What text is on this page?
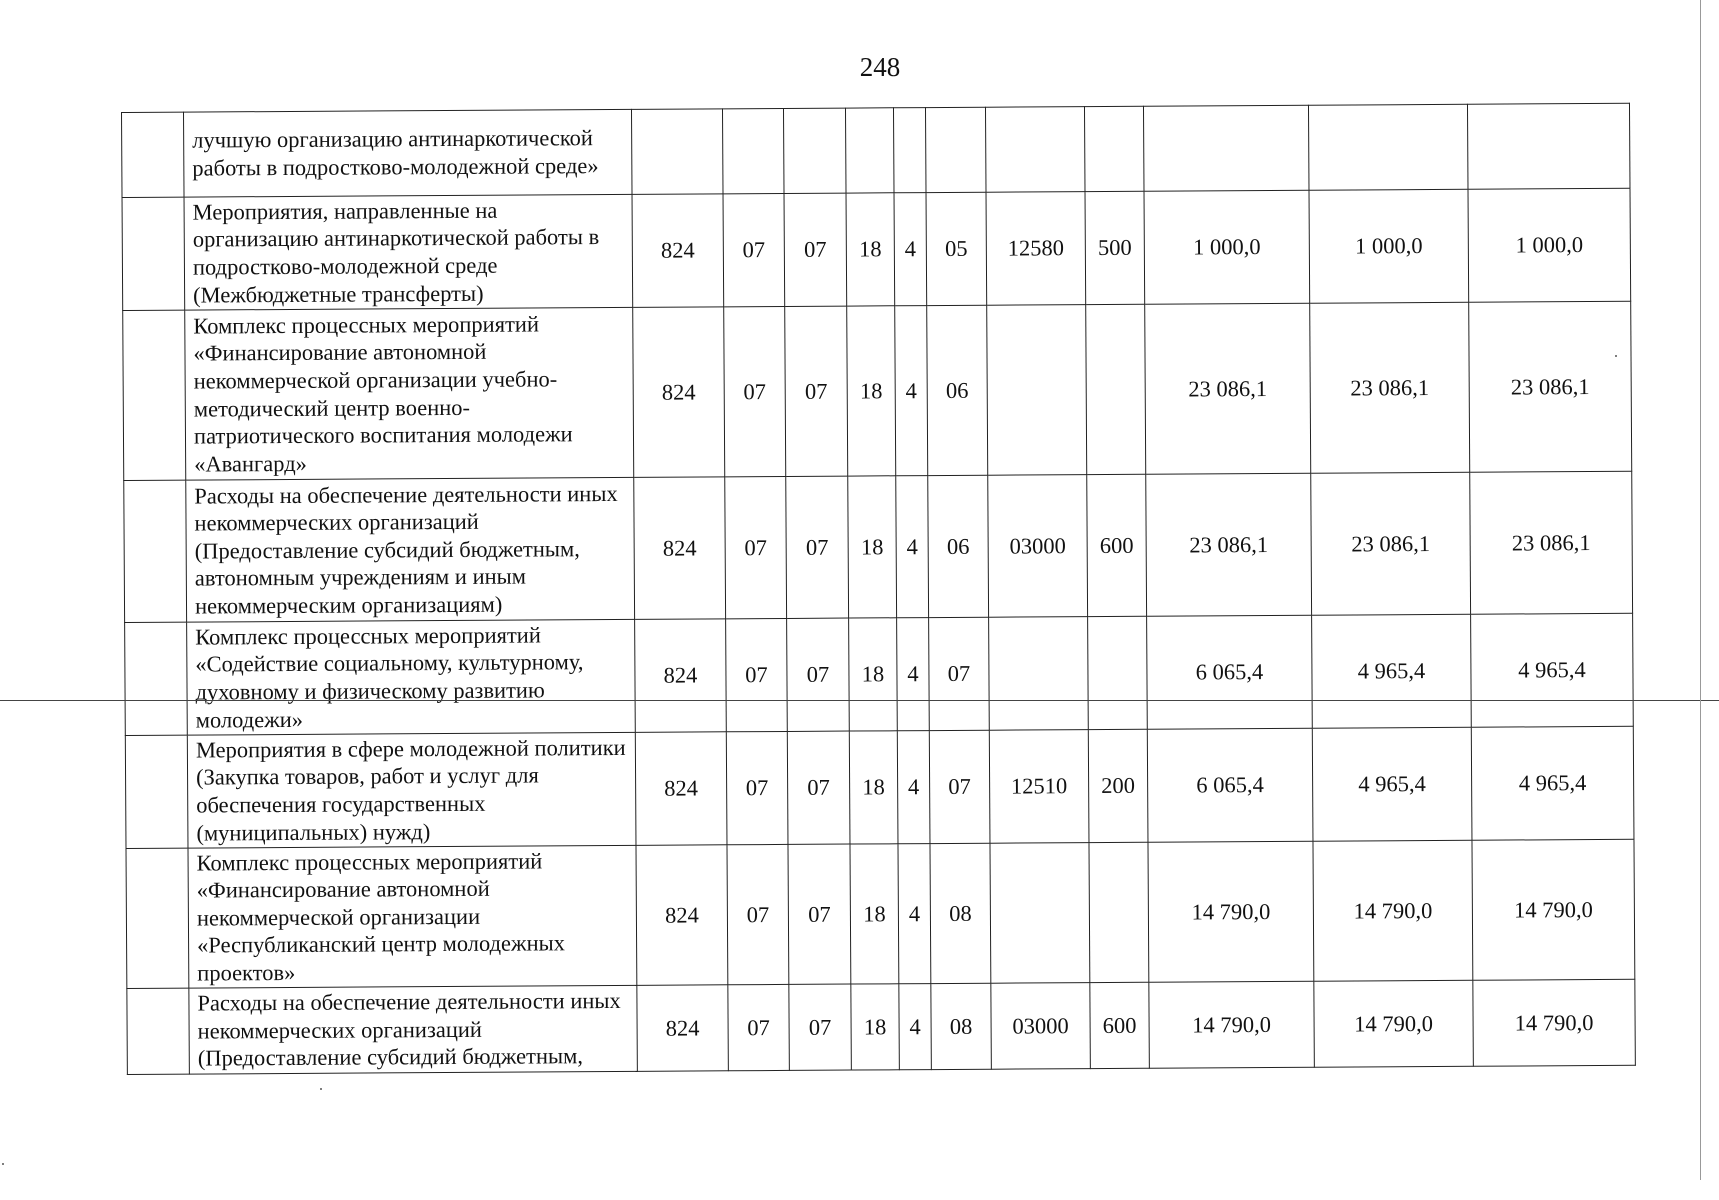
248
	лучшую организацию антинаркотической работы в подростково-молодежной среде»											
	Мероприятия, направленные на организацию антинаркотической работы в подростково-молодежной среде (Межбюджетные трансферты)	824	07	07	18	4	05	12580	500	1 000,0	1 000,0	1 000,0
	Комплекс процессных мероприятий «Финансирование автономной некоммерческой организации учебно-методический центр военно-патриотического воспитания молодежи «Авангард»	824	07	07	18	4	06			23 086,1	23 086,1	23 086,1
	Расходы на обеспечение деятельности иных некоммерческих организаций (Предоставление субсидий бюджетным, автономным учреждениям и иным некоммерческим организациям)	824	07	07	18	4	06	03000	600	23 086,1	23 086,1	23 086,1
	Комплекс процессных мероприятий «Содействие социальному, культурному, духовному и физическому развитию молодежи»	824	07	07	18	4	07			6 065,4	4 965,4	4 965,4
	Мероприятия в сфере молодежной политики (Закупка товаров, работ и услуг для обеспечения государственных (муниципальных) нужд)	824	07	07	18	4	07	12510	200	6 065,4	4 965,4	4 965,4
	Комплекс процессных мероприятий «Финансирование автономной некоммерческой организации «Республиканский центр молодежных проектов»	824	07	07	18	4	08			14 790,0	14 790,0	14 790,0
	Расходы на обеспечение деятельности иных некоммерческих организаций (Предоставление субсидий бюджетным,	824	07	07	18	4	08	03000	600	14 790,0	14 790,0	14 790,0
